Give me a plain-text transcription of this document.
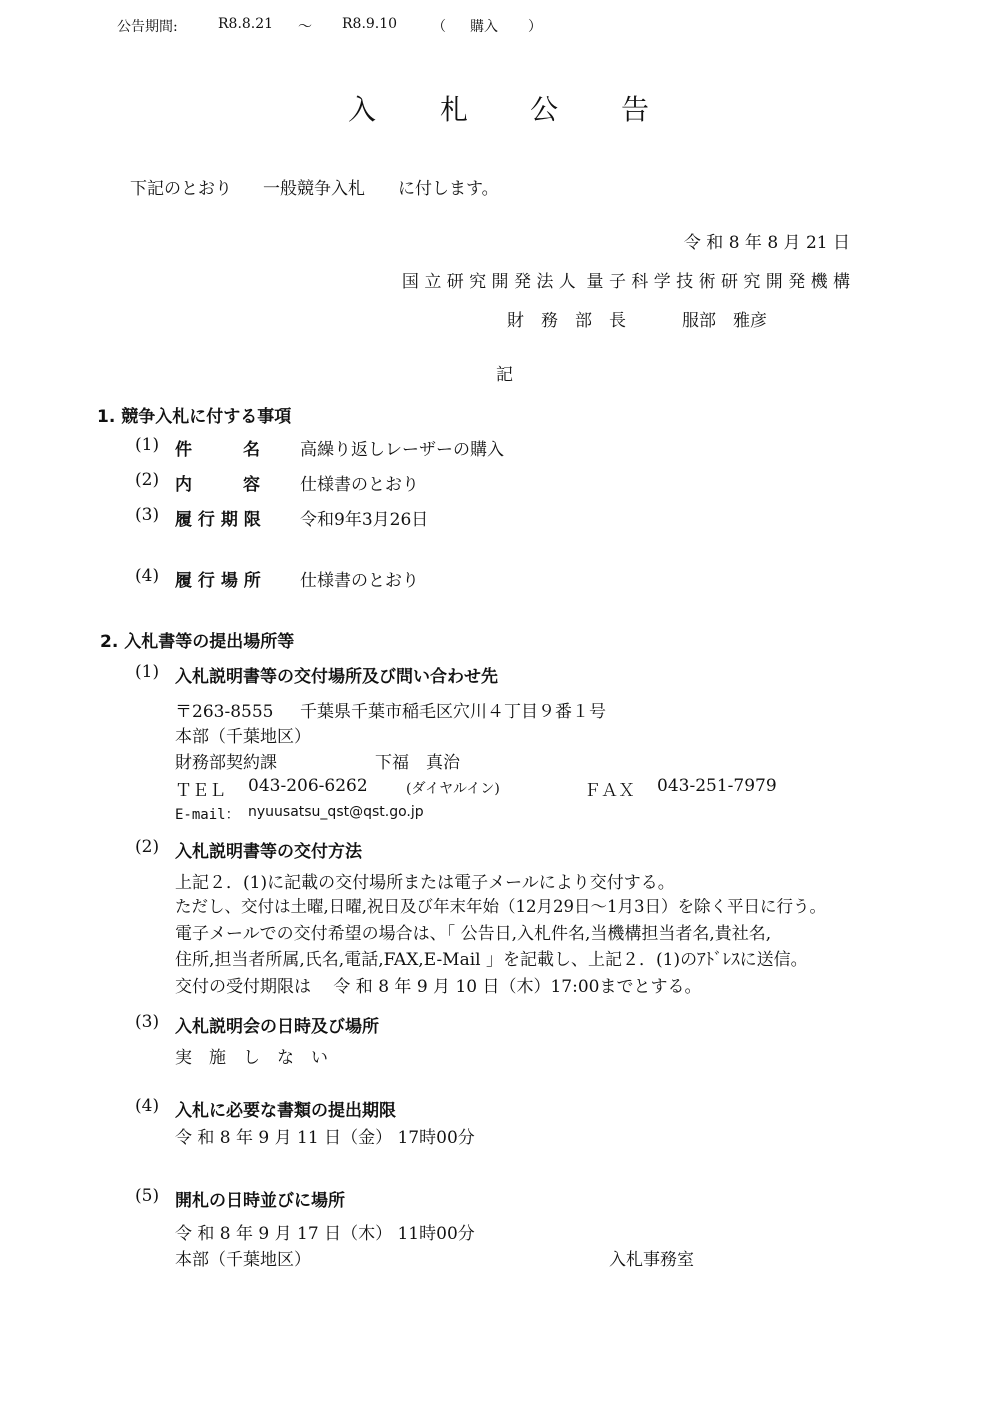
公告期間:	R8.8.21 ～ R8.9.10 （ 購入 ）
入 札 公 告
下記のとおり 一般競争入札 に付します。
令 和 8 年 8 月 21 日
国 立 研 究 開 発 法 人  量 子 科 学 技 術 研 究 開 発 機 構
財　務　部　長	服部　雅彦
記
1. 競争入札に付する事項
(1) 件　　　名 高繰り返しレーザーの購入
(2) 内　　　容 仕様書のとおり
(3) 履 行 期 限 令和9年3月26日
(4) 履 行 場 所 仕様書のとおり
2. 入札書等の提出場所等
(1) 入札説明書等の交付場所及び問い合わせ先
〒263-8555 千葉県千葉市稲毛区穴川４丁目９番１号
本部（千葉地区）
財務部契約課	下福　真治
ＴＥＬ 043-206-6262	(ダイヤルイン)	ＦＡＸ 043-251-7979
E-mail： nyuusatsu_qst@qst.go.jp
(2) 入札説明書等の交付方法
上記２．(1)に記載の交付場所または電子メールにより交付する。
ただし、交付は土曜,日曜,祝日及び年末年始（12月29日～1月3日）を除く平日に行う。
電子メールでの交付希望の場合は、「 公告日,入札件名,当機構担当者名,貴社名,
住所,担当者所属,氏名,電話,FAX,E-Mail 」を記載し、上記２．(1)のｱﾄﾞﾚｽに送信。
交付の受付期限は　 令 和 8 年 9 月 10 日（木）17:00までとする。
(3) 入札説明会の日時及び場所
実　施　し　な　い
(4) 入札に必要な書類の提出期限
令 和 8 年 9 月 11 日（金） 17時00分
(5) 開札の日時並びに場所
令 和 8 年 9 月 17 日（木） 11時00分
本部（千葉地区）	入札事務室
